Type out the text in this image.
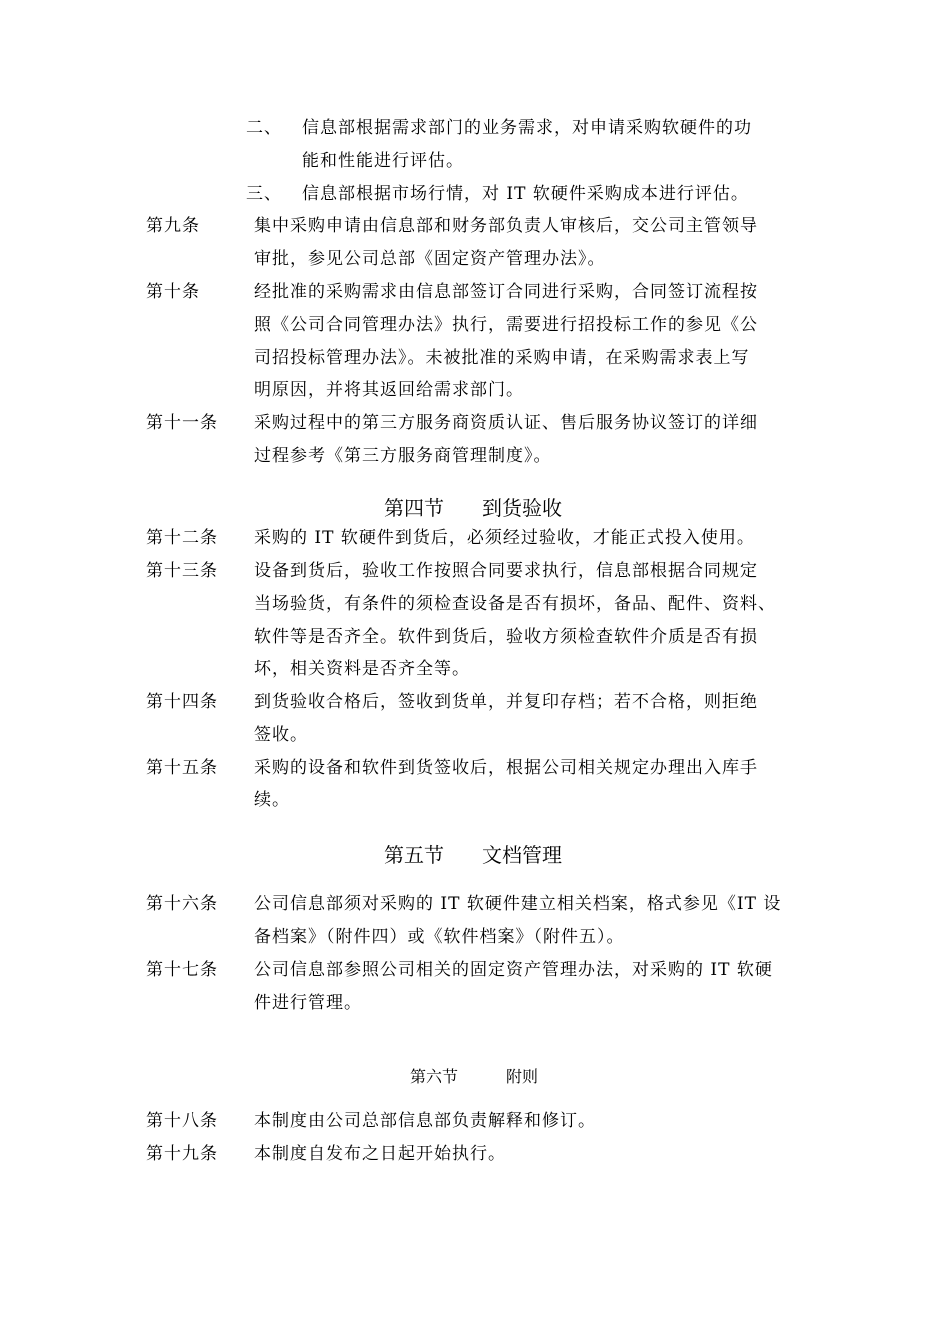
二、 信息部根据需求部门的业务需求，对申请采购软硬件的功
能和性能进行评估。
三、 信息部根据市场行情，对 IT 软硬件采购成本进行评估。
第九条	集中采购申请由信息部和财务部负责人审核后，交公司主管领导
审批，参见公司总部《固定资产管理办法》。
第十条	经批准的采购需求由信息部签订合同进行采购，合同签订流程按
照《公司合同管理办法》执行，需要进行招投标工作的参见《公
司招投标管理办法》。未被批准的采购申请，在采购需求表上写
明原因，并将其返回给需求部门。
第十一条 采购过程中的第三方服务商资质认证、售后服务协议签订的详细
过程参考《第三方服务商管理制度》。
第四节 到货验收
第十二条 采购的 IT 软硬件到货后，必须经过验收，才能正式投入使用。
第十三条 设备到货后，验收工作按照合同要求执行，信息部根据合同规定
当场验货，有条件的须检查设备是否有损坏，备品、配件、资料、
软件等是否齐全。软件到货后，验收方须检查软件介质是否有损
坏，相关资料是否齐全等。
第十四条 到货验收合格后，签收到货单，并复印存档；若不合格，则拒绝
签收。
第十五条 采购的设备和软件到货签收后，根据公司相关规定办理出入库手
续。
第五节 文档管理
第十六条 公司信息部须对采购的 IT 软硬件建立相关档案，格式参见《IT 设
备档案》（附件四）或《软件档案》（附件五）。
第十七条 公司信息部参照公司相关的固定资产管理办法，对采购的 IT 软硬
件进行管理。
第六节	附则
第十八条 本制度由公司总部信息部负责解释和修订。
第十九条 本制度自发布之日起开始执行。
